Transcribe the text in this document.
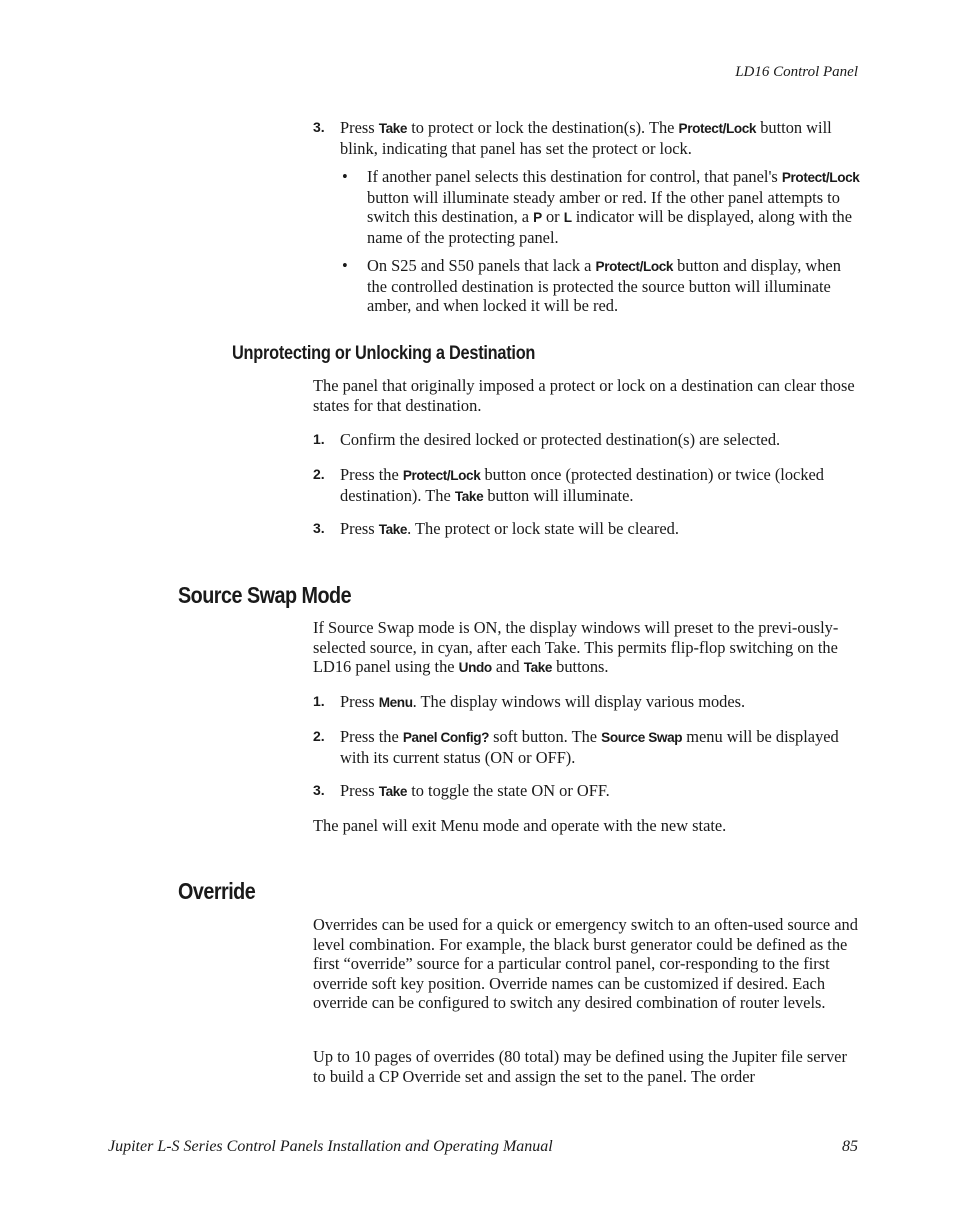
LD16 Control Panel
3. Press Take to protect or lock the destination(s). The Protect/Lock button will blink, indicating that panel has set the protect or lock.
• If another panel selects this destination for control, that panel's Protect/Lock button will illuminate steady amber or red. If the other panel attempts to switch this destination, a P or L indicator will be displayed, along with the name of the protecting panel.
• On S25 and S50 panels that lack a Protect/Lock button and display, when the controlled destination is protected the source button will illuminate amber, and when locked it will be red.
Unprotecting or Unlocking a Destination
The panel that originally imposed a protect or lock on a destination can clear those states for that destination.
1. Confirm the desired locked or protected destination(s) are selected.
2. Press the Protect/Lock button once (protected destination) or twice (locked destination). The Take button will illuminate.
3. Press Take. The protect or lock state will be cleared.
Source Swap Mode
If Source Swap mode is ON, the display windows will preset to the previ-ously-selected source, in cyan, after each Take. This permits flip-flop switching on the LD16 panel using the Undo and Take buttons.
1. Press Menu. The display windows will display various modes.
2. Press the Panel Config? soft button. The Source Swap menu will be displayed with its current status (ON or OFF).
3. Press Take to toggle the state ON or OFF.
The panel will exit Menu mode and operate with the new state.
Override
Overrides can be used for a quick or emergency switch to an often-used source and level combination. For example, the black burst generator could be defined as the first “override” source for a particular control panel, cor-responding to the first override soft key position. Override names can be customized if desired. Each override can be configured to switch any desired combination of router levels.
Up to 10 pages of overrides (80 total) may be defined using the Jupiter file server to build a CP Override set and assign the set to the panel. The order
Jupiter L-S Series Control Panels Installation and Operating Manual	85
